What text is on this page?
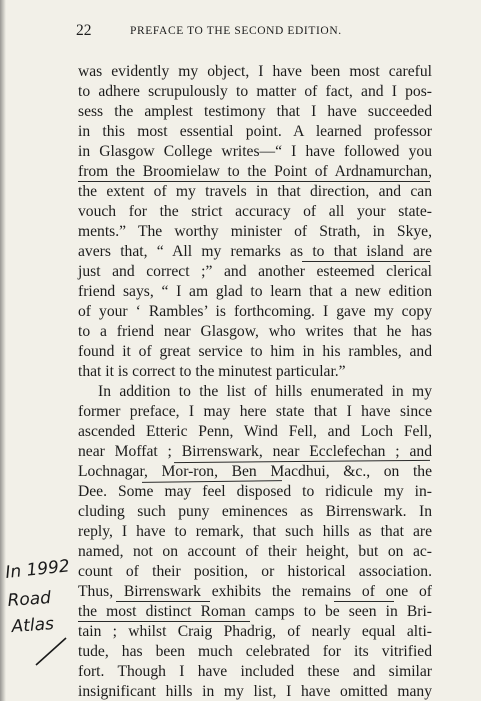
22	PREFACE TO THE SECOND EDITION.
was evidently my object, I have been most careful
to adhere scrupulously to matter of fact, and I pos-
sess the amplest testimony that I have succeeded
in this most essential point. A learned professor
in Glasgow College writes—“ I have followed you
from the Broomielaw to the Point of Ardnamurchan,
the extent of my travels in that direction, and can
vouch for the strict accuracy of all your state-
ments.” The worthy minister of Strath, in Skye,
avers that, “ All my remarks as to that island are
just and correct ;” and another esteemed clerical
friend says, “ I am glad to learn that a new edition
of your ‘ Rambles’ is forthcoming. I gave my copy
to a friend near Glasgow, who writes that he has
found it of great service to him in his rambles, and
that it is correct to the minutest particular.”
In addition to the list of hills enumerated in my
former preface, I may here state that I have since
ascended Etteric Penn, Wind Fell, and Loch Fell,
near Moffat ; Birrenswark, near Ecclefechan ; and
Lochnagar, Mor-ron, Ben Macdhui, &c., on the
Dee. Some may feel disposed to ridicule my in-
cluding such puny eminences as Birrenswark. In
reply, I have to remark, that such hills as that are
named, not on account of their height, but on ac-
count of their position, or historical association.
Thus, Birrenswark exhibits the remains of one of
the most distinct Roman camps to be seen in Bri-
tain ; whilst Craig Phadrig, of nearly equal alti-
tude, has been much celebrated for its vitrified
fort. Though I have included these and similar
insignificant hills in my list, I have omitted many
In 1992
Road
Atlas
